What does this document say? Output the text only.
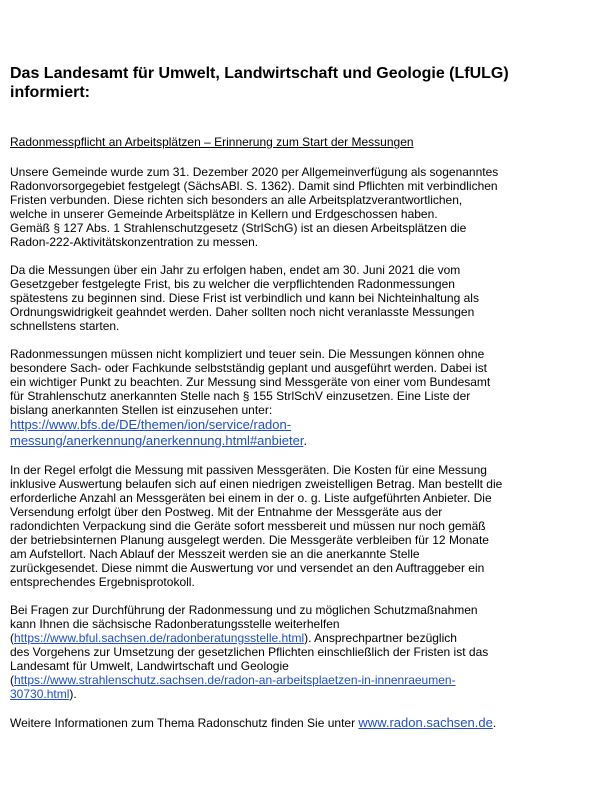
Das Landesamt für Umwelt, Landwirtschaft und Geologie (LfULG)
informiert:
Radonmesspflicht an Arbeitsplätzen – Erinnerung zum Start der Messungen

Unsere Gemeinde wurde zum 31. Dezember 2020 per Allgemeinverfügung als sogenanntes
Radonvorsorgegebiet festgelegt (SächsABl. S. 1362). Damit sind Pflichten mit verbindlichen
Fristen verbunden. Diese richten sich besonders an alle Arbeitsplatzverantwortlichen,
welche in unserer Gemeinde Arbeitsplätze in Kellern und Erdgeschossen haben.
Gemäß § 127 Abs. 1 Strahlenschutzgesetz (StrlSchG) ist an diesen Arbeitsplätzen die
Radon-222-Aktivitätskonzentration zu messen.

Da die Messungen über ein Jahr zu erfolgen haben, endet am 30. Juni 2021 die vom
Gesetzgeber festgelegte Frist, bis zu welcher die verpflichtenden Radonmessungen
spätestens zu beginnen sind. Diese Frist ist verbindlich und kann bei Nichteinhaltung als
Ordnungswidrigkeit geahndet werden. Daher sollten noch nicht veranlasste Messungen
schnellstens starten.

Radonmessungen müssen nicht kompliziert und teuer sein. Die Messungen können ohne
besondere Sach- oder Fachkunde selbstständig geplant und ausgeführt werden. Dabei ist
ein wichtiger Punkt zu beachten. Zur Messung sind Messgeräte von einer vom Bundesamt
für Strahlenschutz anerkannten Stelle nach § 155 StrlSchV einzusetzen. Eine Liste der
bislang anerkannten Stellen ist einzusehen unter:
https://www.bfs.de/DE/themen/ion/service/radon-
messung/anerkennung/anerkennung.html#anbieter.

In der Regel erfolgt die Messung mit passiven Messgeräten. Die Kosten für eine Messung
inklusive Auswertung belaufen sich auf einen niedrigen zweistelligen Betrag. Man bestellt die
erforderliche Anzahl an Messgeräten bei einem in der o. g. Liste aufgeführten Anbieter. Die
Versendung erfolgt über den Postweg. Mit der Entnahme der Messgeräte aus der
radondichten Verpackung sind die Geräte sofort messbereit und müssen nur noch gemäß
der betriebsinternen Planung ausgelegt werden. Die Messgeräte verbleiben für 12 Monate
am Aufstellort. Nach Ablauf der Messzeit werden sie an die anerkannte Stelle
zurückgesendet. Diese nimmt die Auswertung vor und versendet an den Auftraggeber ein
entsprechendes Ergebnisprotokoll.

Bei Fragen zur Durchführung der Radonmessung und zu möglichen Schutzmaßnahmen
kann Ihnen die sächsische Radonberatungsstelle weiterhelfen
(https://www.bful.sachsen.de/radonberatungsstelle.html). Ansprechpartner bezüglich
des Vorgehens zur Umsetzung der gesetzlichen Pflichten einschließlich der Fristen ist das
Landesamt für Umwelt, Landwirtschaft und Geologie
(https://www.strahlenschutz.sachsen.de/radon-an-arbeitsplaetzen-in-innenraeumen-
30730.html).

Weitere Informationen zum Thema Radonschutz finden Sie unter www.radon.sachsen.de.
